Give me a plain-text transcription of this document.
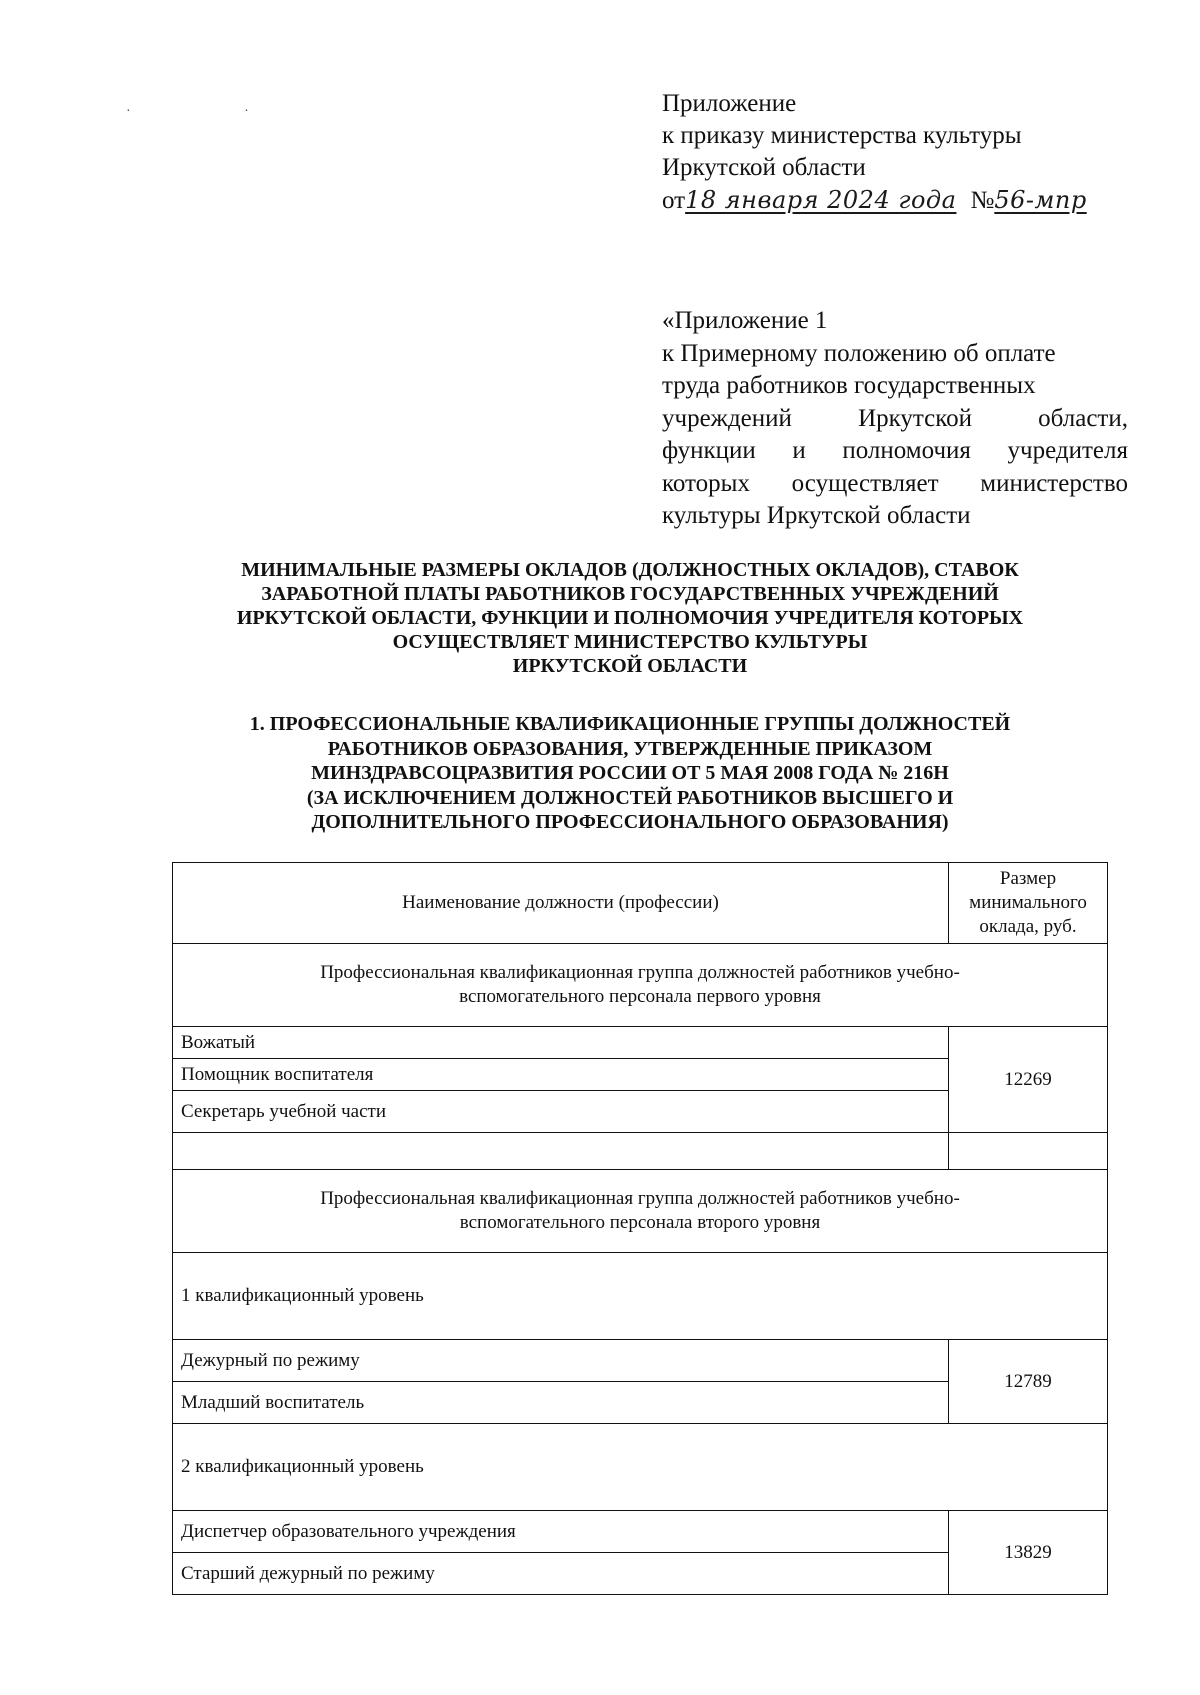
· ·	Приложение
к приказу министерства культуры
Иркутской области
от18 января 2024 года №56-мпр
«Приложение 1
к Примерному положению об оплате
труда работников государственных
учреждений Иркутской области,
функции и полномочия учредителя
которых осуществляет министерство
культуры Иркутской области
МИНИМАЛЬНЫЕ РАЗМЕРЫ ОКЛАДОВ (ДОЛЖНОСТНЫХ ОКЛАДОВ), СТАВОК
ЗАРАБОТНОЙ ПЛАТЫ РАБОТНИКОВ ГОСУДАРСТВЕННЫХ УЧРЕЖДЕНИЙ
ИРКУТСКОЙ ОБЛАСТИ, ФУНКЦИИ И ПОЛНОМОЧИЯ УЧРЕДИТЕЛЯ КОТОРЫХ
ОСУЩЕСТВЛЯЕТ МИНИСТЕРСТВО КУЛЬТУРЫ
ИРКУТСКОЙ ОБЛАСТИ
1. ПРОФЕССИОНАЛЬНЫЕ КВАЛИФИКАЦИОННЫЕ ГРУППЫ ДОЛЖНОСТЕЙ
РАБОТНИКОВ ОБРАЗОВАНИЯ, УТВЕРЖДЕННЫЕ ПРИКАЗОМ
МИНЗДРАВСОЦРАЗВИТИЯ РОССИИ ОТ 5 МАЯ 2008 ГОДА № 216Н
(ЗА ИСКЛЮЧЕНИЕМ ДОЛЖНОСТЕЙ РАБОТНИКОВ ВЫСШЕГО И
ДОПОЛНИТЕЛЬНОГО ПРОФЕССИОНАЛЬНОГО ОБРАЗОВАНИЯ)
Наименование должности (профессии)	Размер
минимального
оклада, руб.

Профессиональная квалификационная группа должностей работников учебно-
вспомогательного персонала первого уровня	

Вожатый	12269
Помощник воспитателя	
Секретарь учебной части	

Профессиональная квалификационная группа должностей работников учебно-
вспомогательного персонала второго уровня	

1 квалификационный уровень	
Дежурный по режиму	12789
Младший воспитатель	
2 квалификационный уровень	
Диспетчер образовательного учреждения	13829
Старший дежурный по режиму	
